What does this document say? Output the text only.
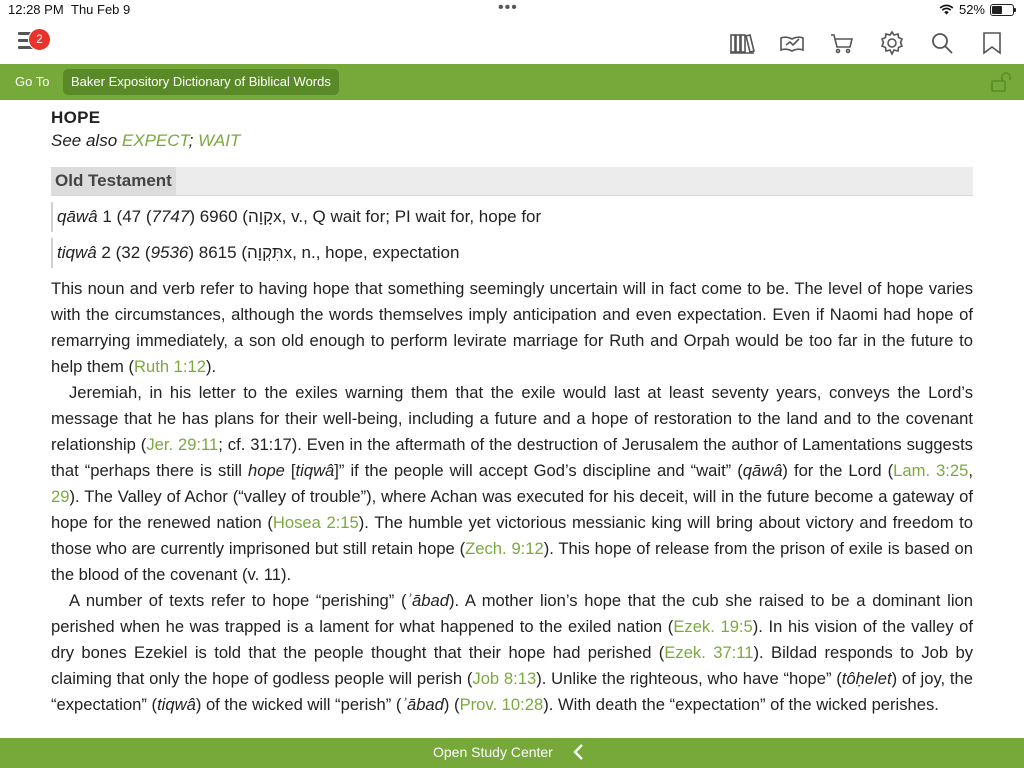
12:28 PM Thu Feb 9	•••	52%
2
Go To	Baker Expository Dictionary of Biblical Words
HOPE
See also EXPECT; WAIT
Old Testament
qāwâ 1 (47 (7747) 6960 (קָוָהx, v., Q wait for; PI wait for, hope for
tiqwâ 2 (32 (9536) 8615 (תִּקְוָהx, n., hope, expectation

This noun and verb refer to having hope that something seemingly uncertain will in fact come to be. The level of hope varies with the circumstances, although the words themselves imply anticipation and even expectation. Even if Naomi had hope of remarrying immediately, a son old enough to perform levirate marriage for Ruth and Orpah would be too far in the future to help them (Ruth 1:12).

Jeremiah, in his letter to the exiles warning them that the exile would last at least seventy years, conveys the Lord’s message that he has plans for their well-being, including a future and a hope of restoration to the land and to the covenant relationship (Jer. 29:11; cf. 31:17). Even in the aftermath of the destruction of Jerusalem the author of Lamentations suggests that “perhaps there is still hope [tiqwâ]” if the people will accept God’s discipline and “wait” (qāwâ) for the Lord (Lam. 3:25, 29). The Valley of Achor (“valley of trouble”), where Achan was executed for his deceit, will in the future become a gateway of hope for the renewed nation (Hosea 2:15). The humble yet victorious messianic king will bring about victory and freedom to those who are currently imprisoned but still retain hope (Zech. 9:12). This hope of release from the prison of exile is based on the blood of the covenant (v. 11).

A number of texts refer to hope “perishing” (ʾābad). A mother lion’s hope that the cub she raised to be a dominant lion perished when he was trapped is a lament for what happened to the exiled nation (Ezek. 19:5). In his vision of the valley of dry bones Ezekiel is told that the people thought that their hope had perished (Ezek. 37:11). Bildad responds to Job by claiming that only the hope of godless people will perish (Job 8:13). Unlike the righteous, who have “hope” (tôḥelet) of joy, the “expectation” (tiqwâ) of the wicked will “perish” (ʾābad) (Prov. 10:28). With death the “expectation” of the wicked perishes.

Open Study Center
